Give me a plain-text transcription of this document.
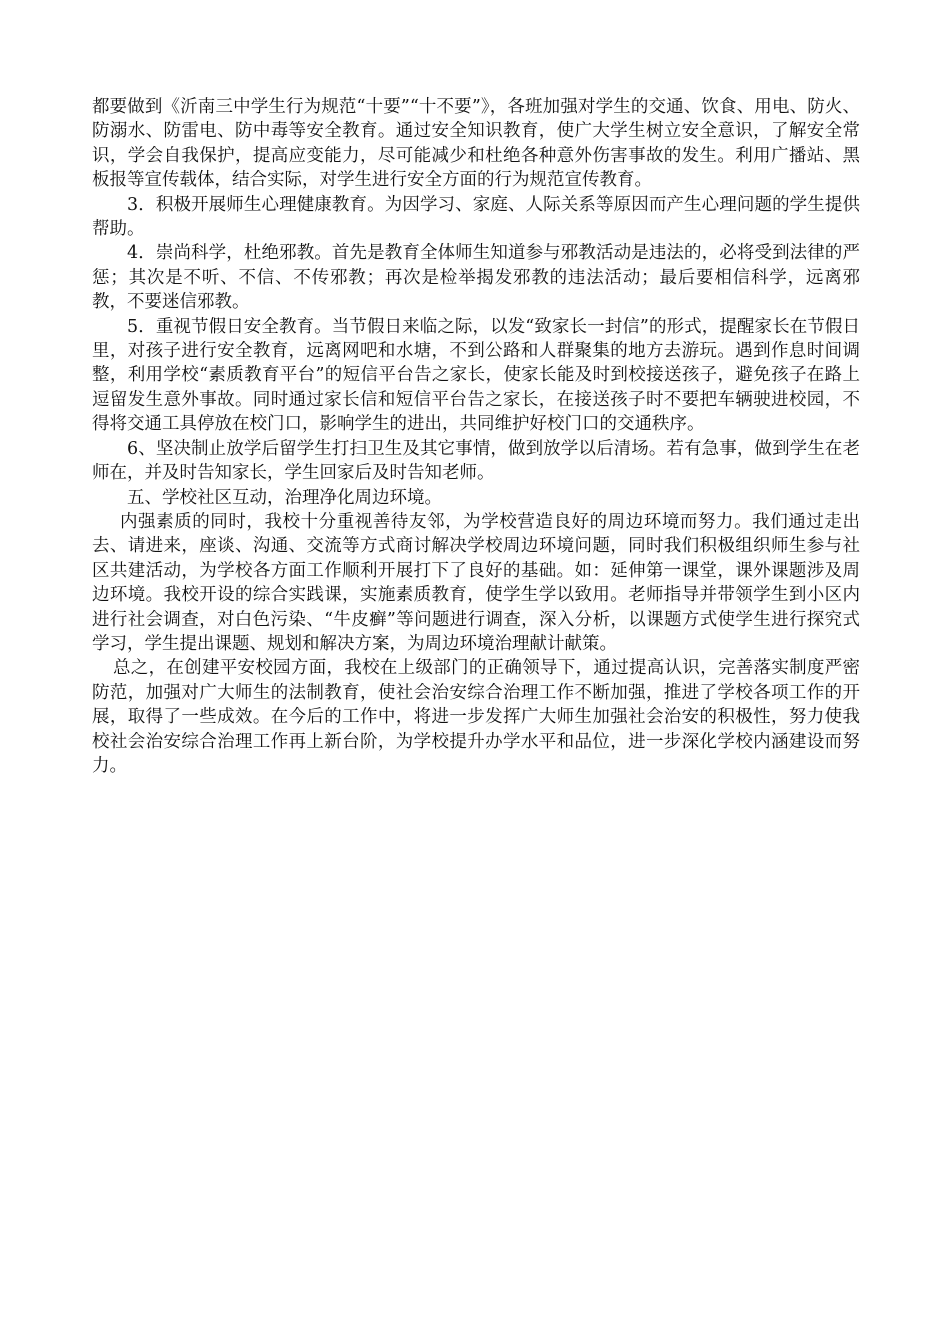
都要做到《沂南三中学生行为规范“十要”“十不要”》，各班加强对学生的交通、饮食、用电、防火、防溺水、防雷电、防中毒等安全教育。通过安全知识教育，使广大学生树立安全意识，了解安全常识，学会自我保护，提高应变能力，尽可能减少和杜绝各种意外伤害事故的发生。利用广播站、黑板报等宣传载体，结合实际，对学生进行安全方面的行为规范宣传教育。

3．积极开展师生心理健康教育。为因学习、家庭、人际关系等原因而产生心理问题的学生提供帮助。

4．崇尚科学，杜绝邪教。首先是教育全体师生知道参与邪教活动是违法的，必将受到法律的严惩；其次是不听、不信、不传邪教；再次是检举揭发邪教的违法活动；最后要相信科学，远离邪教，不要迷信邪教。

5．重视节假日安全教育。当节假日来临之际，以发“致家长一封信”的形式，提醒家长在节假日里，对孩子进行安全教育，远离网吧和水塘，不到公路和人群聚集的地方去游玩。遇到作息时间调整，利用学校“素质教育平台”的短信平台告之家长，使家长能及时到校接送孩子，避免孩子在路上逗留发生意外事故。同时通过家长信和短信平台告之家长，在接送孩子时不要把车辆驶进校园，不得将交通工具停放在校门口，影响学生的进出，共同维护好校门口的交通秩序。

6、坚决制止放学后留学生打扫卫生及其它事情，做到放学以后清场。若有急事，做到学生在老师在，并及时告知家长，学生回家后及时告知老师。

五、学校社区互动，治理净化周边环境。

内强素质的同时，我校十分重视善待友邻，为学校营造良好的周边环境而努力。我们通过走出去、请进来，座谈、沟通、交流等方式商讨解决学校周边环境问题，同时我们积极组织师生参与社区共建活动，为学校各方面工作顺利开展打下了良好的基础。如：延伸第一课堂，课外课题涉及周边环境。我校开设的综合实践课，实施素质教育，使学生学以致用。老师指导并带领学生到小区内进行社会调查，对白色污染、“牛皮癣”等问题进行调查，深入分析，以课题方式使学生进行探究式学习，学生提出课题、规划和解决方案，为周边环境治理献计献策。

总之，在创建平安校园方面，我校在上级部门的正确领导下，通过提高认识，完善落实制度严密防范，加强对广大师生的法制教育，使社会治安综合治理工作不断加强，推进了学校各项工作的开展，取得了一些成效。在今后的工作中，将进一步发挥广大师生加强社会治安的积极性，努力使我校社会治安综合治理工作再上新台阶，为学校提升办学水平和品位，进一步深化学校内涵建设而努力。
